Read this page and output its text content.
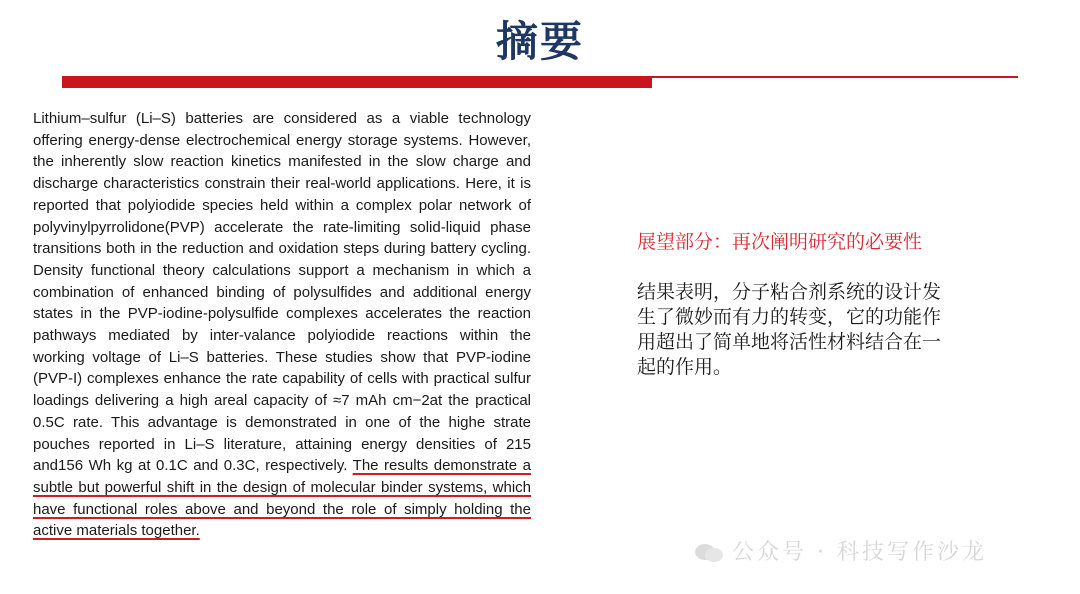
摘要

Lithium–sulfur (Li–S) batteries are considered as a viable technology offering energy-dense electrochemical energy storage systems. However, the inherently slow reaction kinetics manifested in the slow charge and discharge characteristics constrain their real-world applications. Here, it is reported that polyiodide species held within a complex polar network of polyvinylpyrrolidone(PVP) accelerate the rate-limiting solid-liquid phase transitions both in the reduction and oxidation steps during battery cycling. Density functional theory calculations support a mechanism in which a combination of enhanced binding of polysulfides and additional energy states in the PVP-iodine-polysulfide complexes accelerates the reaction pathways mediated by inter-valance polyiodide reactions within the working voltage of Li–S batteries. These studies show that PVP-iodine (PVP-I) complexes enhance the rate capability of cells with practical sulfur loadings delivering a high areal capacity of ≈7 mAh cm−2at the practical 0.5C rate. This advantage is demonstrated in one of the highe strate pouches reported in Li–S literature, attaining energy densities of 215 and156 Wh kg at 0.1C and 0.3C, respectively. The results demonstrate a subtle but powerful shift in the design of molecular binder systems, which have functional roles above and beyond the role of simply holding the active materials together.

展望部分：再次阐明研究的必要性

结果表明，分子粘合剂系统的设计发生了微妙而有力的转变，它的功能作用超出了简单地将活性材料结合在一起的作用。

公众号 · 科技写作沙龙
